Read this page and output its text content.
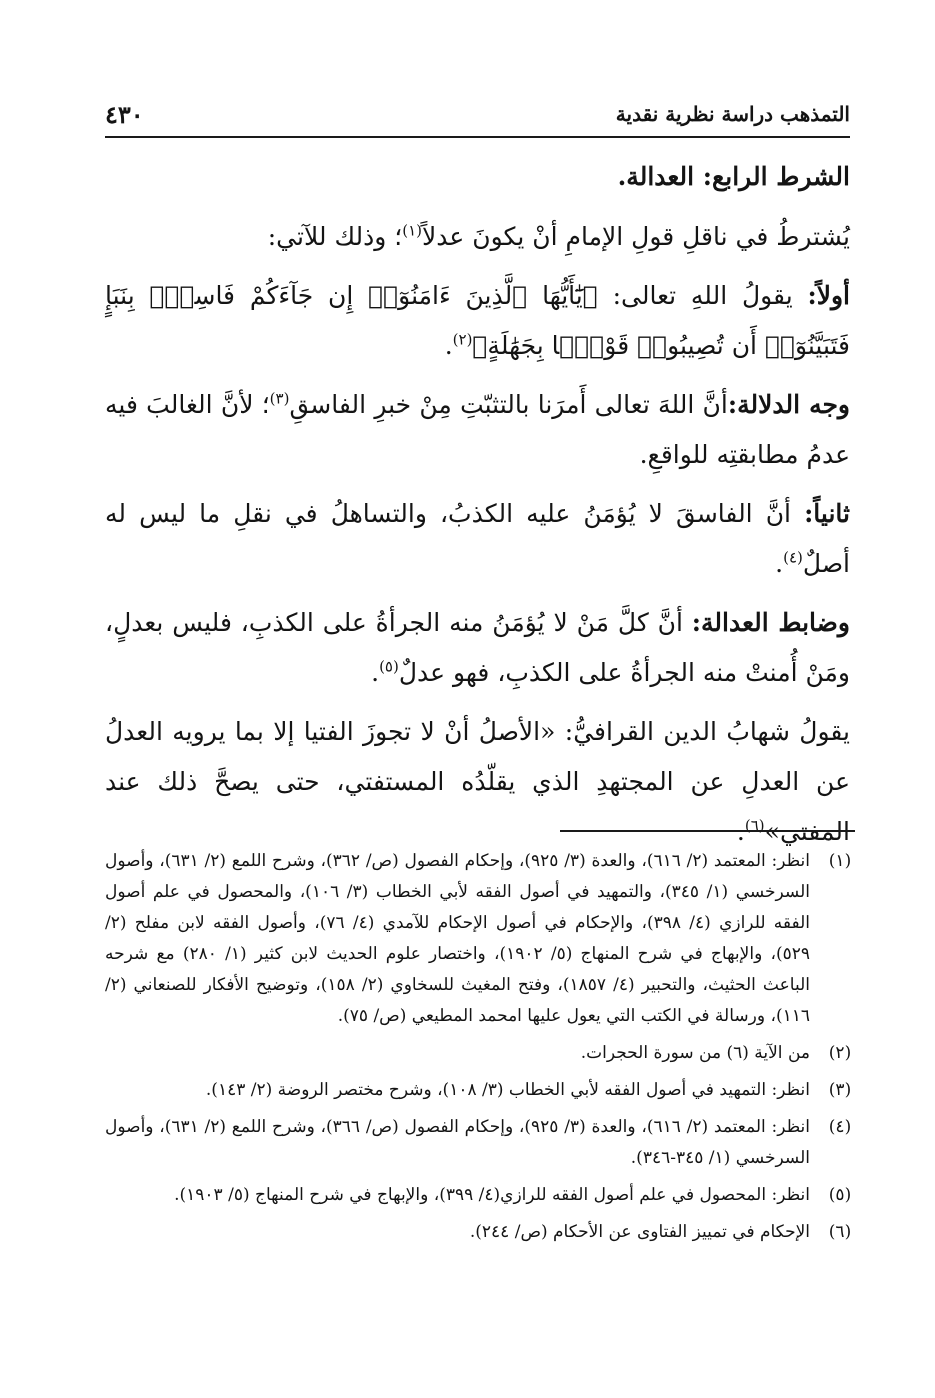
التمذهب دراسة نظرية نقدية
٤٣٠

الشرط الرابع: العدالة.

يُشترطُ في ناقلِ قولِ الإمامِ أنْ يكونَ عدلاً$^{(١)}$؛ وذلك للآتي:

أولاً: يقولُ اللهِ تعالى: ﴿يَٰٓأَيُّهَا ٱلَّذِينَ ءَامَنُوٓا۟ إِن جَآءَكُمْ فَاسِقٌۢ بِنَبَإٍ فَتَبَيَّنُوٓا۟ أَن تُصِيبُوا۟ قَوْمًۢا بِجَهَٰلَةٍ﴾$^{(٢)}$.

وجه الدلالة:أنَّ اللهَ تعالى أَمرَنا بالتثبّتِ مِنْ خبرِ الفاسقِ$^{(٣)}$؛ لأنَّ الغالبَ فيه عدمُ مطابقتِه للواقعِ.

ثانياً: أنَّ الفاسقَ لا يُؤمَنُ عليه الكذبُ، والتساهلُ في نقلِ ما ليس له أصلٌ$^{(٤)}$.

وضابط العدالة: أنَّ كلَّ مَنْ لا يُؤمَنُ منه الجرأةُ على الكذبِ، فليس بعدلٍ، ومَنْ أُمنتْ منه الجرأةُ على الكذبِ، فهو عدلٌ$^{(٥)}$.

يقولُ شهابُ الدين القرافيُّ: «الأصلُ أنْ لا تجوزَ الفتيا إلا بما يرويه العدلُ عن العدلِ عن المجتهدِ الذي يقلّدُه المستفتي، حتى يصحَّ ذلك عند المفتي»$^{(٦)}$.

(١)
انظر: المعتمد (٢/ ٦١٦)، والعدة (٣/ ٩٢٥)، وإحكام الفصول (ص/ ٣٦٢)، وشرح اللمع (٢/ ٦٣١)، وأصول السرخسي (١/ ٣٤٥)، والتمهيد في أصول الفقه لأبي الخطاب (٣/ ١٠٦)، والمحصول في علم أصول الفقه للرازي (٤/ ٣٩٨)، والإحكام في أصول الإحكام للآمدي (٤/ ٧٦)، وأصول الفقه لابن مفلح (٢/ ٥٢٩)، والإبهاج في شرح المنهاج (٥/ ١٩٠٢)، واختصار علوم الحديث لابن كثير (١/ ٢٨٠) مع شرحه الباعث الحثيث، والتحبير (٤/ ١٨٥٧)، وفتح المغيث للسخاوي (٢/ ١٥٨)، وتوضيح الأفكار للصنعاني (٢/ ١١٦)، ورسالة في الكتب التي يعول عليها امحمد المطيعي (ص/ ٧٥).
(٢)
من الآية (٦) من سورة الحجرات.
(٣)
انظر: التمهيد في أصول الفقه لأبي الخطاب (٣/ ١٠٨)، وشرح مختصر الروضة (٢/ ١٤٣).
(٤)
انظر: المعتمد (٢/ ٦١٦)، والعدة (٣/ ٩٢٥)، وإحكام الفصول (ص/ ٣٦٦)، وشرح اللمع (٢/ ٦٣١)، وأصول السرخسي (١/ ٣٤٥-٣٤٦).
(٥)
انظر: المحصول في علم أصول الفقه للرازي(٤/ ٣٩٩)، والإبهاج في شرح المنهاج (٥/ ١٩٠٣).
(٦)
الإحكام في تمييز الفتاوى عن الأحكام (ص/ ٢٤٤).
